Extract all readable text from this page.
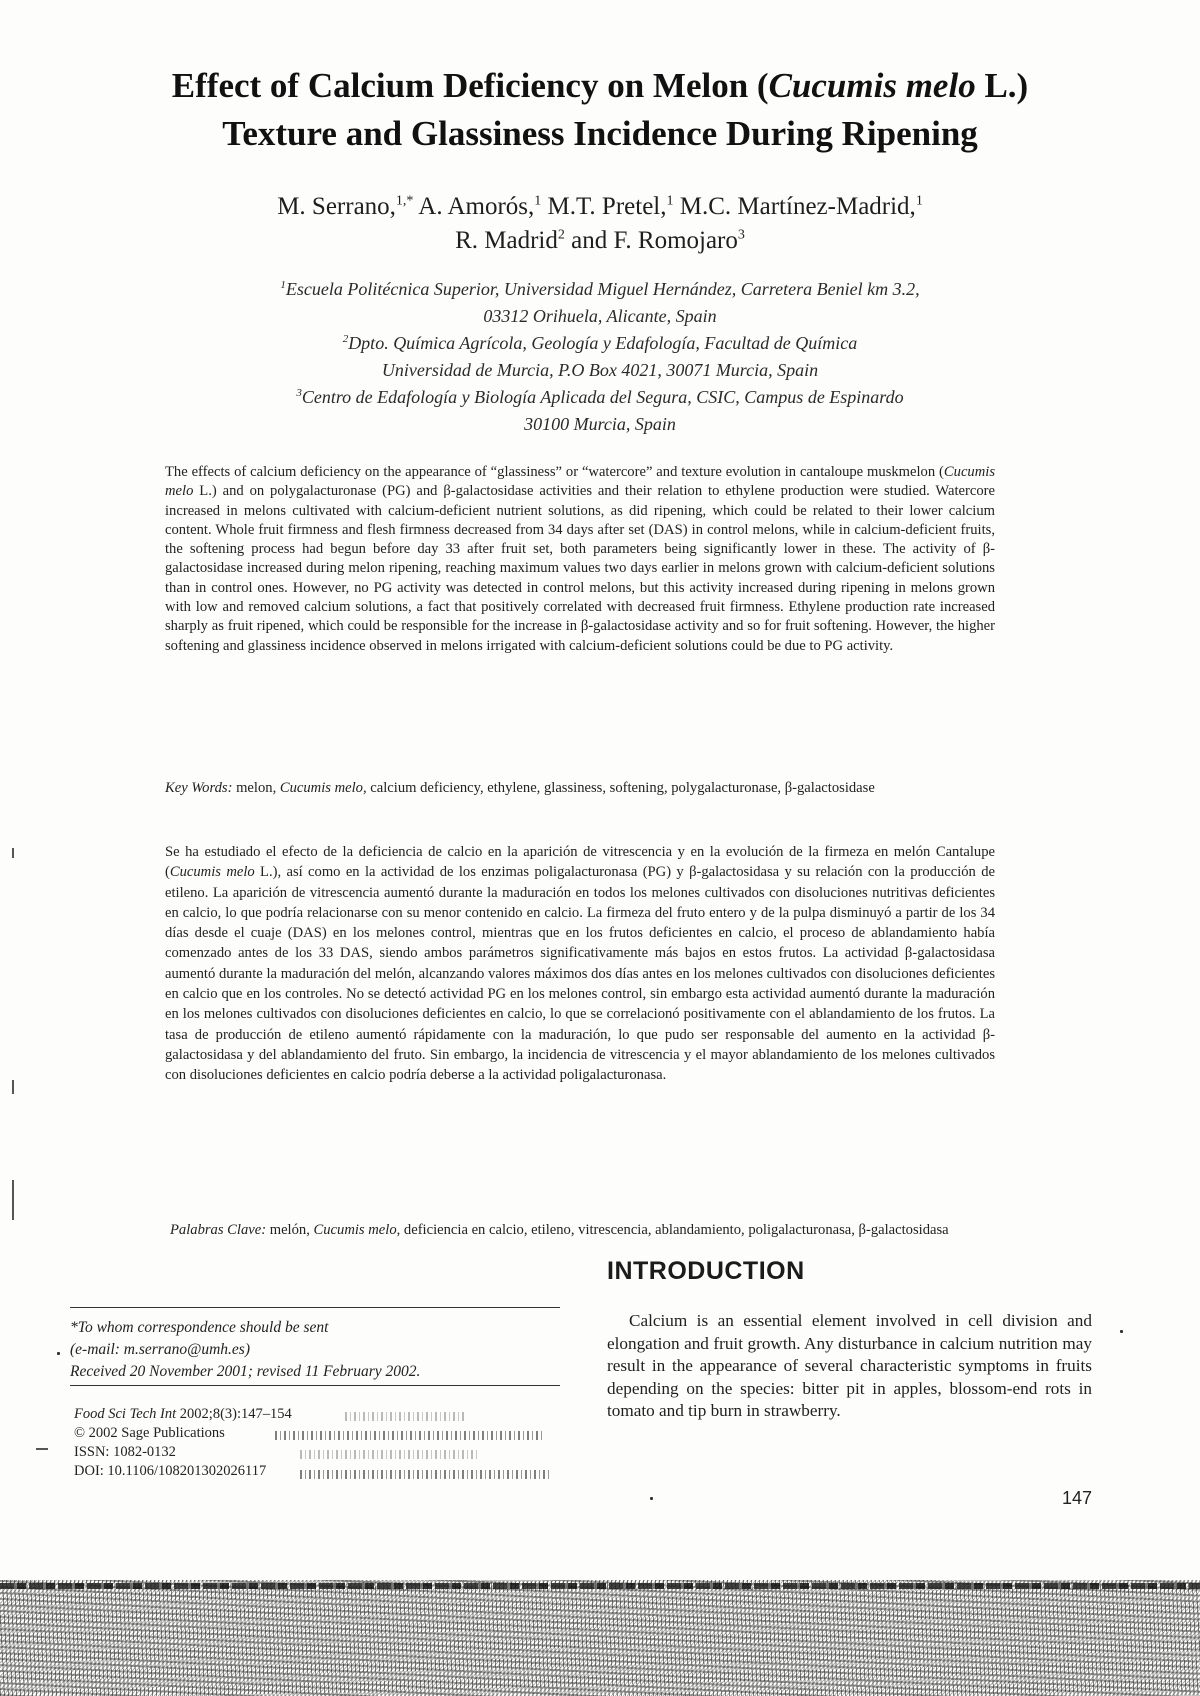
Effect of Calcium Deficiency on Melon (Cucumis melo L.)
Texture and Glassiness Incidence During Ripening
M. Serrano,$^{1,*}$ A. Amorós,$^1$ M.T. Pretel,$^1$ M.C. Martínez-Madrid,$^1$
R. Madrid$^2$ and F. Romojaro$^3$
$^1$Escuela Politécnica Superior, Universidad Miguel Hernández, Carretera Beniel km 3.2,
03312 Orihuela, Alicante, Spain
$^2$Dpto. Química Agrícola, Geología y Edafología, Facultad de Química
Universidad de Murcia, P.O Box 4021, 30071 Murcia, Spain
$^3$Centro de Edafología y Biología Aplicada del Segura, CSIC, Campus de Espinardo
30100 Murcia, Spain

The effects of calcium deficiency on the appearance of “glassiness” or “watercore” and texture evolution in cantaloupe muskmelon (Cucumis melo L.) and on polygalacturonase (PG) and β-galactosidase activities and their relation to ethylene production were studied. Watercore increased in melons cultivated with calcium-deficient nutrient solutions, as did ripening, which could be related to their lower calcium content. Whole fruit firmness and flesh firmness decreased from 34 days after set (DAS) in control melons, while in calcium-deficient fruits, the softening process had begun before day 33 after fruit set, both parameters being significantly lower in these. The activity of β-galactosidase increased during melon ripening, reaching maximum values two days earlier in melons grown with calcium-deficient solutions than in control ones. However, no PG activity was detected in control melons, but this activity increased during ripening in melons grown with low and removed calcium solutions, a fact that positively correlated with decreased fruit firmness. Ethylene production rate increased sharply as fruit ripened, which could be responsible for the increase in β-galactosidase activity and so for fruit softening. However, the higher softening and glassiness incidence observed in melons irrigated with calcium-deficient solutions could be due to PG activity.

Key Words: melon, Cucumis melo, calcium deficiency, ethylene, glassiness, softening, polygalacturonase, β-galactosidase

Se ha estudiado el efecto de la deficiencia de calcio en la aparición de vitrescencia y en la evolución de la firmeza en melón Cantalupe (Cucumis melo L.), así como en la actividad de los enzimas poligalacturonasa (PG) y β-galactosidasa y su relación con la producción de etileno. La aparición de vitrescencia aumentó durante la maduración en todos los melones cultivados con disoluciones nutritivas deficientes en calcio, lo que podría relacionarse con su menor contenido en calcio. La firmeza del fruto entero y de la pulpa disminuyó a partir de los 34 días desde el cuaje (DAS) en los melones control, mientras que en los frutos deficientes en calcio, el proceso de ablandamiento había comenzado antes de los 33 DAS, siendo ambos parámetros significativamente más bajos en estos frutos. La actividad β-galactosidasa aumentó durante la maduración del melón, alcanzando valores máximos dos días antes en los melones cultivados con disoluciones deficientes en calcio que en los controles. No se detectó actividad PG en los melones control, sin embargo esta actividad aumentó durante la maduración en los melones cultivados con disoluciones deficientes en calcio, lo que se correlacionó positivamente con el ablandamiento de los frutos. La tasa de producción de etileno aumentó rápidamente con la maduración, lo que pudo ser responsable del aumento en la actividad β-galactosidasa y del ablandamiento del fruto. Sin embargo, la incidencia de vitrescencia y el mayor ablandamiento de los melones cultivados con disoluciones deficientes en calcio podría deberse a la actividad poligalacturonasa.

Palabras Clave: melón, Cucumis melo, deficiencia en calcio, etileno, vitrescencia, ablandamiento, poligalacturonasa, β-galactosidasa

INTRODUCTION

Calcium is an essential element involved in cell division and elongation and fruit growth. Any disturbance in calcium nutrition may result in the appearance of several characteristic symptoms in fruits depending on the species: bitter pit in apples, blossom-end rots in tomato and tip burn in strawberry.

*To whom correspondence should be sent
(e-mail: m.serrano@umh.es)
Received 20 November 2001; revised 11 February 2002.
Food Sci Tech Int 2002;8(3):147–154
© 2002 Sage Publications
ISSN: 1082-0132
DOI: 10.1106/108201302026117
147
